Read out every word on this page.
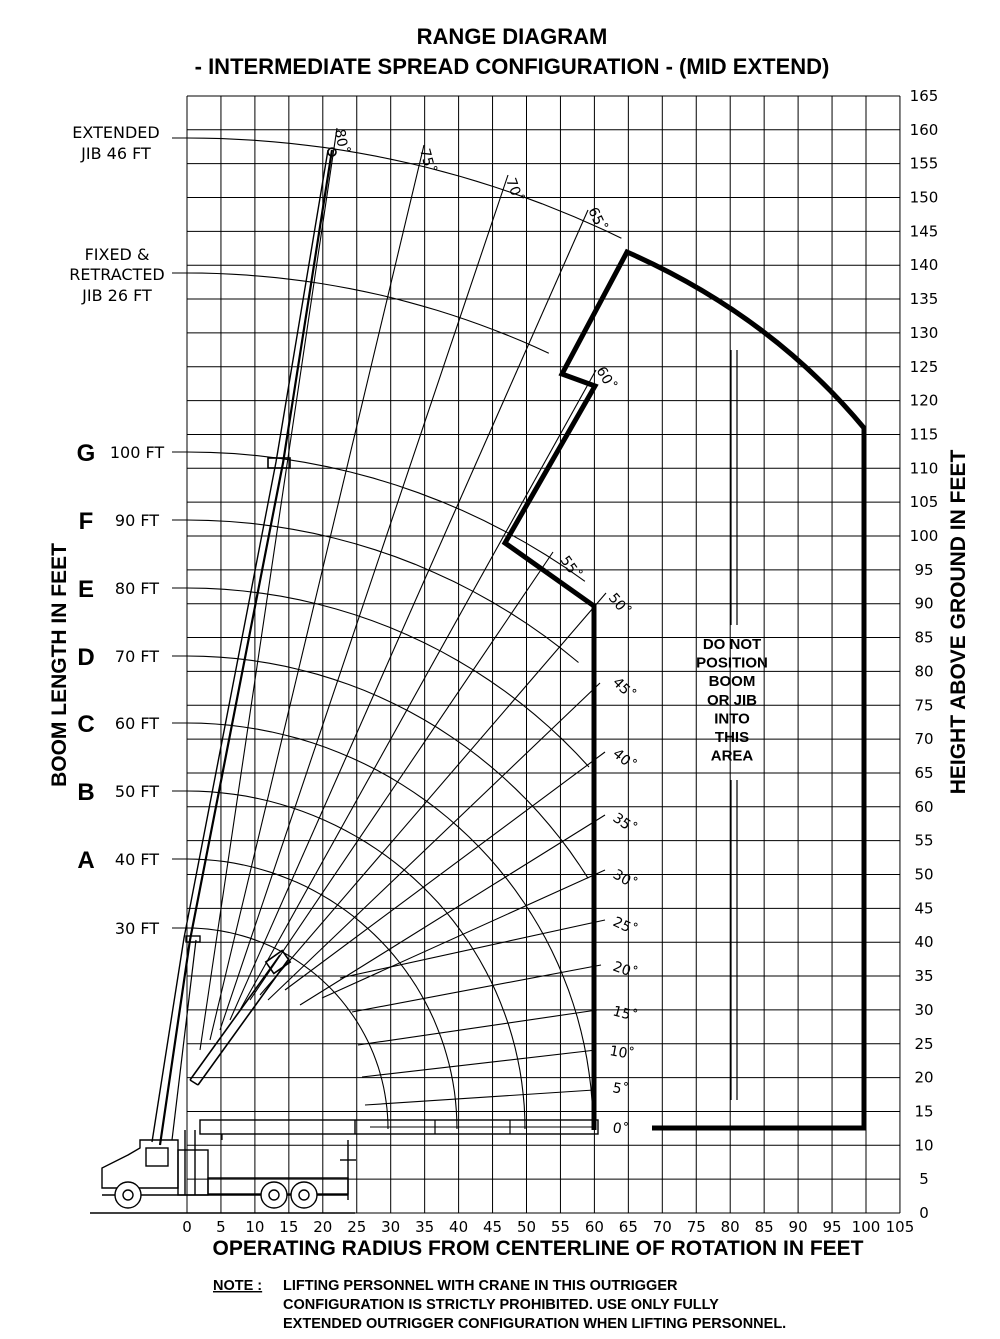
RANGE DIAGRAM
- INTERMEDIATE SPREAD CONFIGURATION - (MID EXTEND)
DO NOT
POSITION
BOOM
OR JIB
INTO
THIS
AREA
0 5 10 15 20 25 30 35 40 45 50 55 60 65 70 75 80 85 90 95 100 105
0
5
10
15
20
25
30
35
40
45
50
55
60
65
70
75
80
85
90
95
100
105
110
115
120
125
130
135
140
145
150
155
160
165
30 FT
A 40 FT
B 50 FT
C 60 FT
D 70 FT
E 80 FT
F 90 FT
G 100 FT
0˚
5˚
10˚
15˚
20˚
25˚
30˚
35˚
40˚
45˚
50˚
55˚
60˚
65˚
70˚
75˚
80˚
EXTENDED
JIB 46 FT
FIXED &
RETRACTED
JIB 26 FT
OPERATING RADIUS FROM CENTERLINE OF ROTATION IN FEET
BOOM LENGTH IN FEET	HEIGHT ABOVE GROUND IN FEET
NOTE : LIFTING PERSONNEL WITH CRANE IN THIS OUTRIGGER
CONFIGURATION IS STRICTLY PROHIBITED. USE ONLY FULLY
EXTENDED OUTRIGGER CONFIGURATION WHEN LIFTING PERSONNEL.
